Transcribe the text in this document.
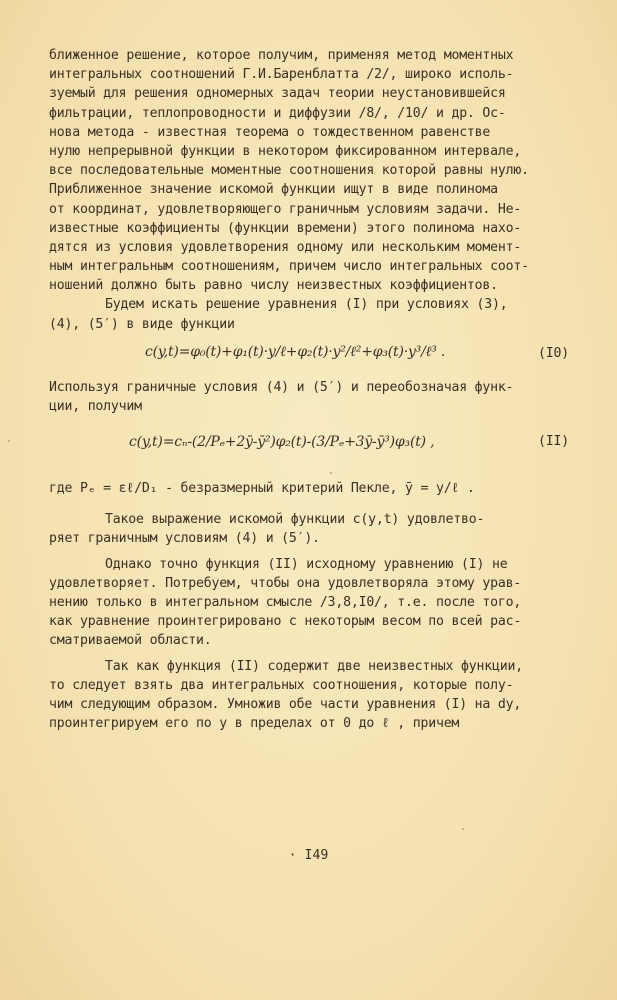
ближенное решение, которое получим, применяя метод моментных
интегральных соотношений Г.И.Баренблатта /2/, широко исполь-
зуемый для решения одномерных задач теории неустановившейся
фильтрации, теплопроводности и диффузии /8/, /10/ и др. Ос-
нова метода - известная теорема о тождественном равенстве
нулю непрерывной функции в некотором фиксированном интервале,
все последовательные моментные соотношения которой равны нулю.
Приближенное значение искомой функции ищут в виде полинома
от координат, удовлетворяющего граничным условиям задачи. Не-
известные коэффициенты (функции времени) этого полинома нахо-
дятся из условия удовлетворения одному или нескольким момент-
ным интегральным соотношениям, причем число интегральных соот-
ношений должно быть равно числу неизвестных коэффициентов.
Будем искать решение уравнения (I) при условиях (3),
(4), (5′) в виде функции
c(y,t)=φ₀(t)+φ₁(t)·y/ℓ+φ₂(t)·y²/ℓ²+φ₃(t)·y³/ℓ³ .	(I0)
Используя граничные условия (4) и (5′) и переобозначая функ-
ции, получим
c(y,t)=cₙ-(2/Pₑ+2ȳ-ȳ²)φ₂(t)-(3/Pₑ+3ȳ-ȳ³)φ₃(t) ,	(II)
где Pₑ = εℓ/D₁ - безразмерный критерий Пекле, ȳ = y/ℓ .
Такое выражение искомой функции c(y,t) удовлетво-
ряет граничным условиям (4) и (5′).
Однако точно функция (II) исходному уравнению (I) не
удовлетворяет. Потребуем, чтобы она удовлетворяла этому урав-
нению только в интегральном смысле /3,8,I0/, т.е. после того,
как уравнение проинтегрировано с некоторым весом по всей рас-
сматриваемой области.
Так как функция (II) содержит две неизвестных функции,
то следует взять два интегральных соотношения, которые полу-
чим следующим образом. Умножив обе части уравнения (I) на dy,
проинтегрируем его по y в пределах от 0 до ℓ , причем
· I49
